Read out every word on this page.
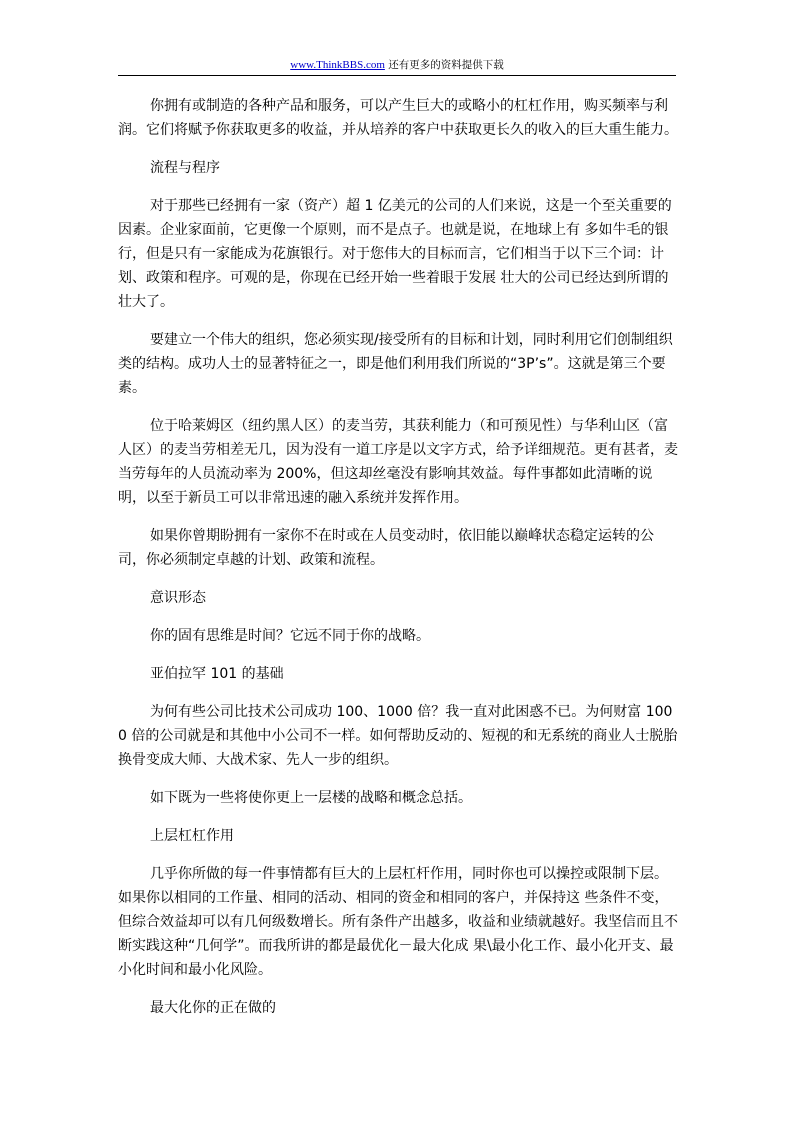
www.ThinkBBS.com 还有更多的资料提供下载

你拥有或制造的各种产品和服务，可以产生巨大的或略小的杠杠作用，购买频率与利润。它们将赋予你获取更多的收益，并从培养的客户中获取更长久的收入的巨大重生能力。

流程与程序

对于那些已经拥有一家（资产）超 1 亿美元的公司的人们来说，这是一个至关重要的因素。企业家面前，它更像一个原则，而不是点子。也就是说，在地球上有 多如牛毛的银行，但是只有一家能成为花旗银行。对于您伟大的目标而言，它们相当于以下三个词：计划、政策和程序。可观的是，你现在已经开始一些着眼于发展 壮大的公司已经达到所谓的壮大了。

要建立一个伟大的组织，您必须实现/接受所有的目标和计划，同时利用它们创制组织类的结构。成功人士的显著特征之一，即是他们利用我们所说的“3P’s”。这就是第三个要素。

位于哈莱姆区（纽约黑人区）的麦当劳，其获利能力（和可预见性）与华利山区（富人区）的麦当劳相差无几，因为没有一道工序是以文字方式，给予详细规范。更有甚者，麦当劳每年的人员流动率为 200%，但这却丝毫没有影响其效益。每件事都如此清晰的说明，以至于新员工可以非常迅速的融入系统并发挥作用。

如果你曾期盼拥有一家你不在时或在人员变动时，依旧能以巅峰状态稳定运转的公司，你必须制定卓越的计划、政策和流程。

意识形态

你的固有思维是时间？它远不同于你的战略。

亚伯拉罕 101 的基础

为何有些公司比技术公司成功 100、1000 倍？我一直对此困惑不已。为何财富 1000 倍的公司就是和其他中小公司不一样。如何帮助反动的、短视的和无系统的商业人士脱胎换骨变成大师、大战术家、先人一步的组织。

如下既为一些将使你更上一层楼的战略和概念总括。

上层杠杠作用

几乎你所做的每一件事情都有巨大的上层杠杆作用，同时你也可以操控或限制下层。如果你以相同的工作量、相同的活动、相同的资金和相同的客户，并保持这 些条件不变，但综合效益却可以有几何级数增长。所有条件产出越多，收益和业绩就越好。我坚信而且不断实践这种“几何学”。而我所讲的都是最优化－最大化成 果\最小化工作、最小化开支、最小化时间和最小化风险。

最大化你的正在做的
